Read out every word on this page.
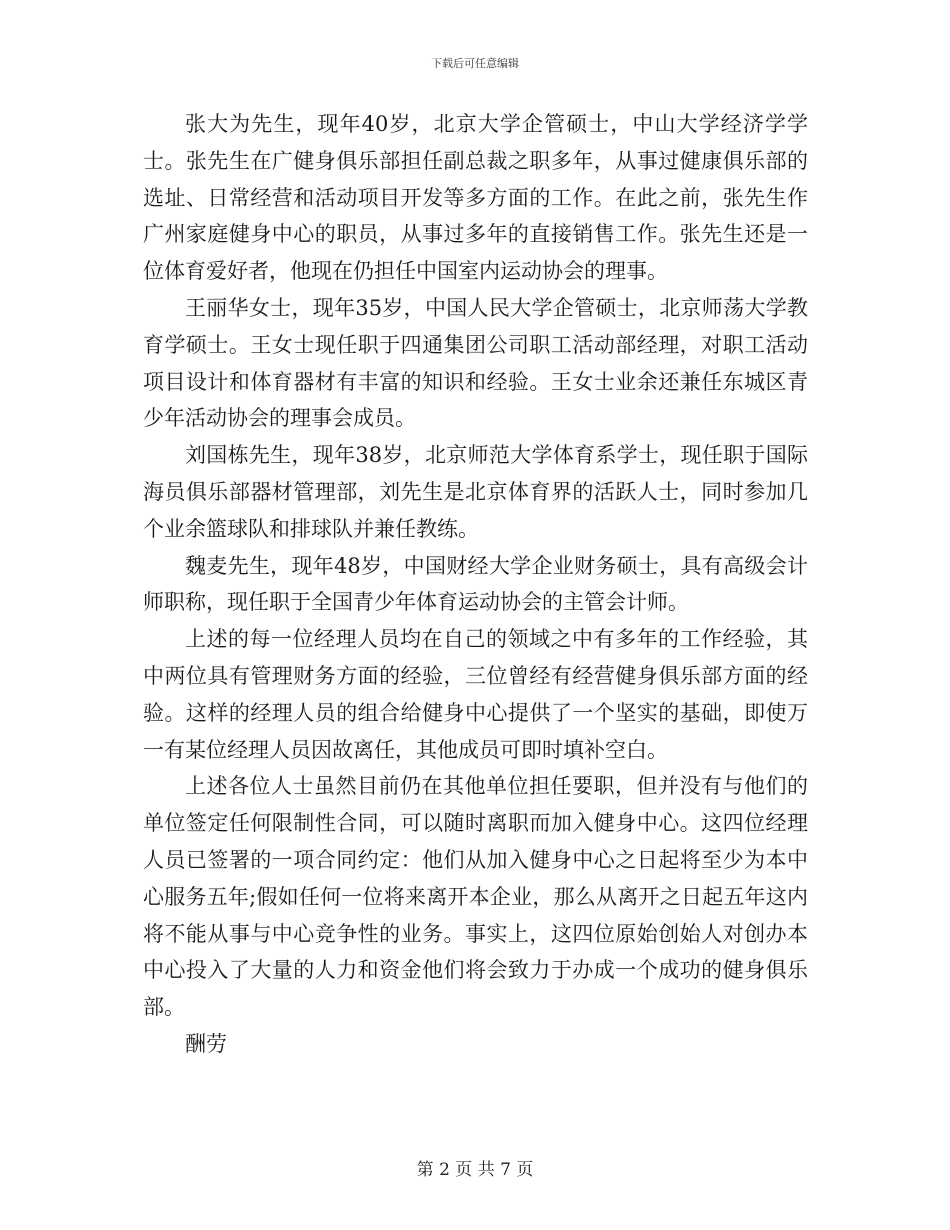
下载后可任意编辑

张大为先生，现年40岁，北京大学企管硕士，中山大学经济学学士。张先生在广健身俱乐部担任副总裁之职多年，从事过健康俱乐部的选址、日常经营和活动项目开发等多方面的工作。在此之前，张先生作广州家庭健身中心的职员，从事过多年的直接销售工作。张先生还是一位体育爱好者，他现在仍担任中国室内运动协会的理事。

王丽华女士，现年35岁，中国人民大学企管硕士，北京师荡大学教育学硕士。王女士现任职于四通集团公司职工活动部经理，对职工活动项目设计和体育器材有丰富的知识和经验。王女士业余还兼任东城区青少年活动协会的理事会成员。

刘国栋先生，现年38岁，北京师范大学体育系学士，现任职于国际海员俱乐部器材管理部，刘先生是北京体育界的活跃人士，同时参加几个业余篮球队和排球队并兼任教练。

魏麦先生，现年48岁，中国财经大学企业财务硕士，具有高级会计师职称，现任职于全国青少年体育运动协会的主管会计师。

上述的每一位经理人员均在自己的领域之中有多年的工作经验，其中两位具有管理财务方面的经验，三位曾经有经营健身俱乐部方面的经验。这样的经理人员的组合给健身中心提供了一个坚实的基础，即使万一有某位经理人员因故离任，其他成员可即时填补空白。

上述各位人士虽然目前仍在其他单位担任要职，但并没有与他们的单位签定任何限制性合同，可以随时离职而加入健身中心。这四位经理人员已签署的一项合同约定：他们从加入健身中心之日起将至少为本中心服务五年;假如任何一位将来离开本企业，那么从离开之日起五年这内将不能从事与中心竞争性的业务。事实上，这四位原始创始人对创办本中心投入了大量的人力和资金他们将会致力于办成一个成功的健身俱乐部。

酬劳

第 2 页 共 7 页
